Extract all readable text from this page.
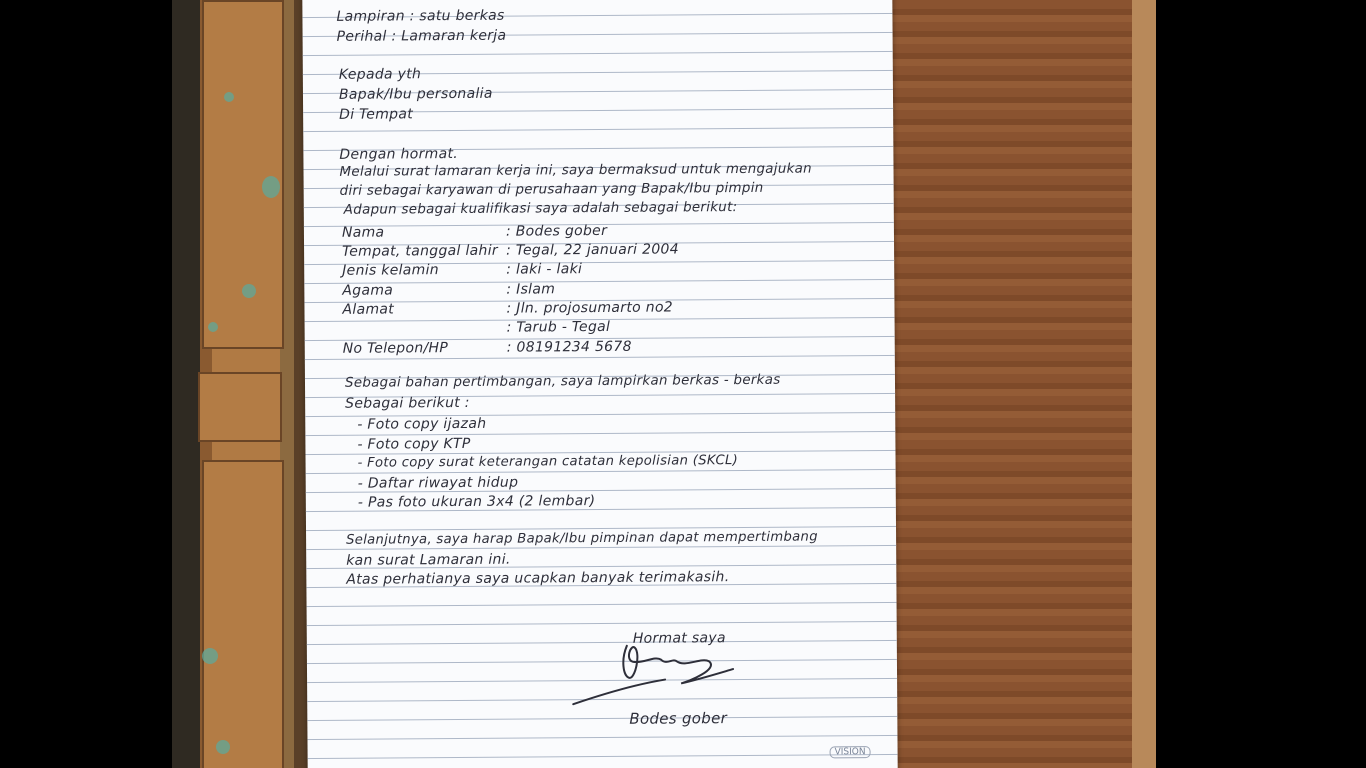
Lampiran : satu berkas
Perihal : Lamaran kerja
Kepada yth
Bapak/Ibu personalia
Di Tempat
Dengan hormat.
Melalui surat lamaran kerja ini, saya bermaksud untuk mengajukan
diri sebagai karyawan di perusahaan yang Bapak/Ibu pimpin
Adapun sebagai kualifikasi saya adalah sebagai berikut:
Nama	: Bodes gober
Tempat, tanggal lahir : Tegal, 22 januari 2004
Jenis kelamin	: laki - laki
Agama	: Islam
Alamat	: Jln. projosumarto no2
: Tarub - Tegal
No Telepon/HP	: 08191234 5678
Sebagai bahan pertimbangan, saya lampirkan berkas - berkas
Sebagai berikut :
- Foto copy ijazah
- Foto copy KTP
- Foto copy surat keterangan catatan kepolisian (SKCL)
- Daftar riwayat hidup
- Pas foto ukuran 3x4 (2 lembar)
Selanjutnya, saya harap Bapak/Ibu pimpinan dapat mempertimbang
kan surat Lamaran ini.
Atas perhatianya saya ucapkan banyak terimakasih.
Hormat saya
Bodes gober
VISION
